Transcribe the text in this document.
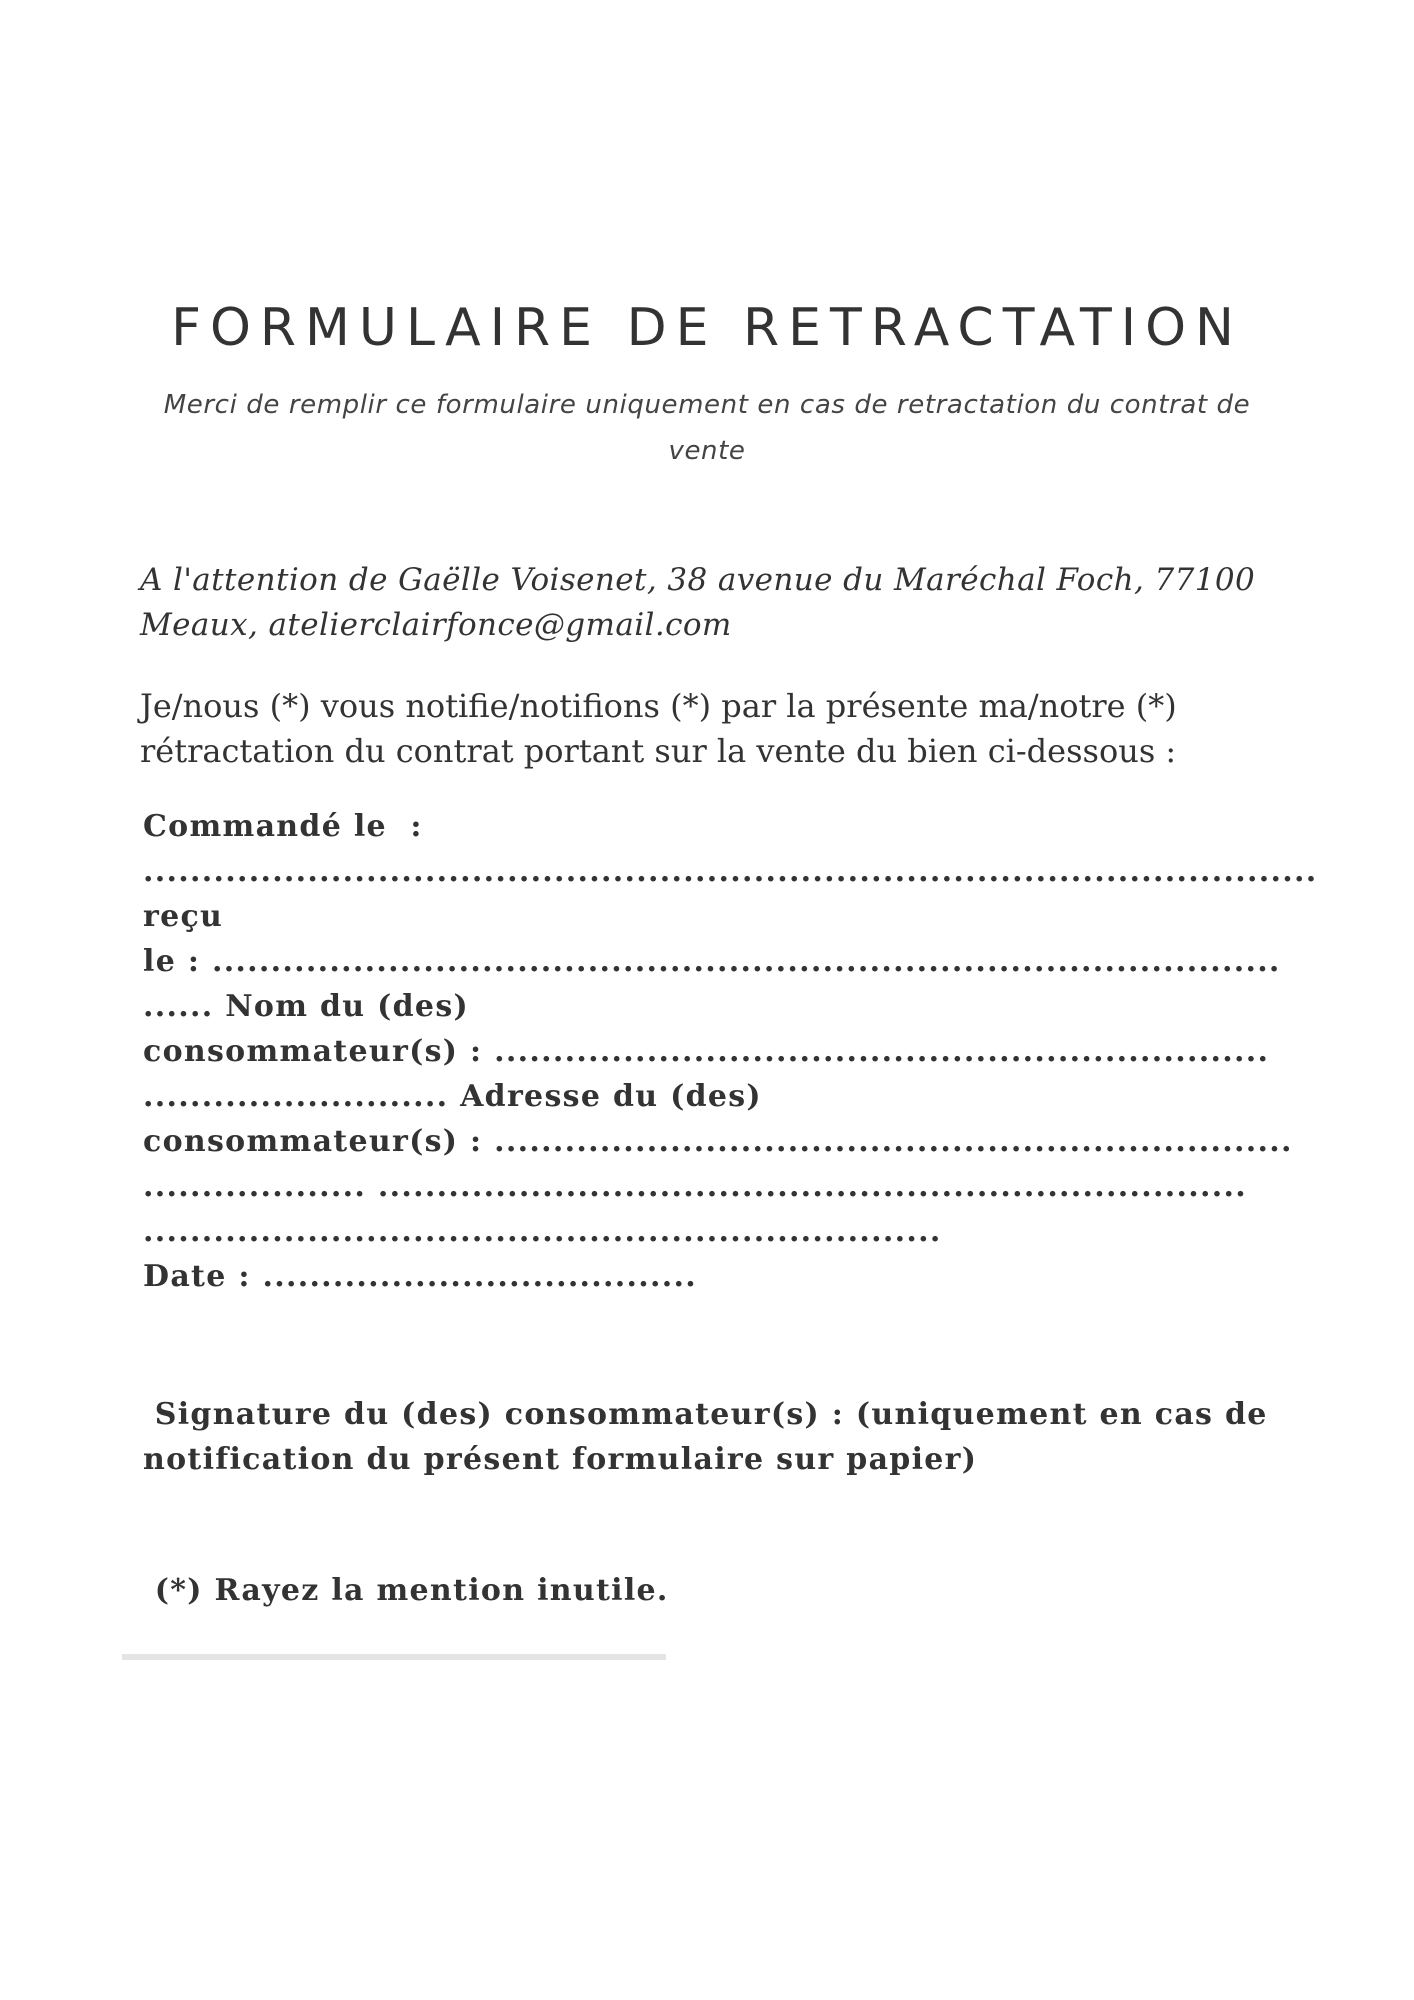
FORMULAIRE DE RETRACTATION

Merci de remplir ce formulaire uniquement en cas de retractation du contrat de vente

A l'attention de Gaëlle Voisenet, 38 avenue du Maréchal Foch, 77100 Meaux, atelierclairfonce@gmail.com

Je/nous (*) vous notifie/notifions (*) par la présente ma/notre (*) rétractation du contrat portant sur la vente du bien ci-dessous :

Commandé le  :
....................................................................................................
reçu
le : ...........................................................................................
...... Nom du (des)
consommateur(s) : ..................................................................
.......................... Adresse du (des)
consommateur(s) : ....................................................................
................... ..........................................................................
....................................................................
Date : .....................................

Signature du (des) consommateur(s) : (uniquement en cas de notification du présent formulaire sur papier)

(*) Rayez la mention inutile.
